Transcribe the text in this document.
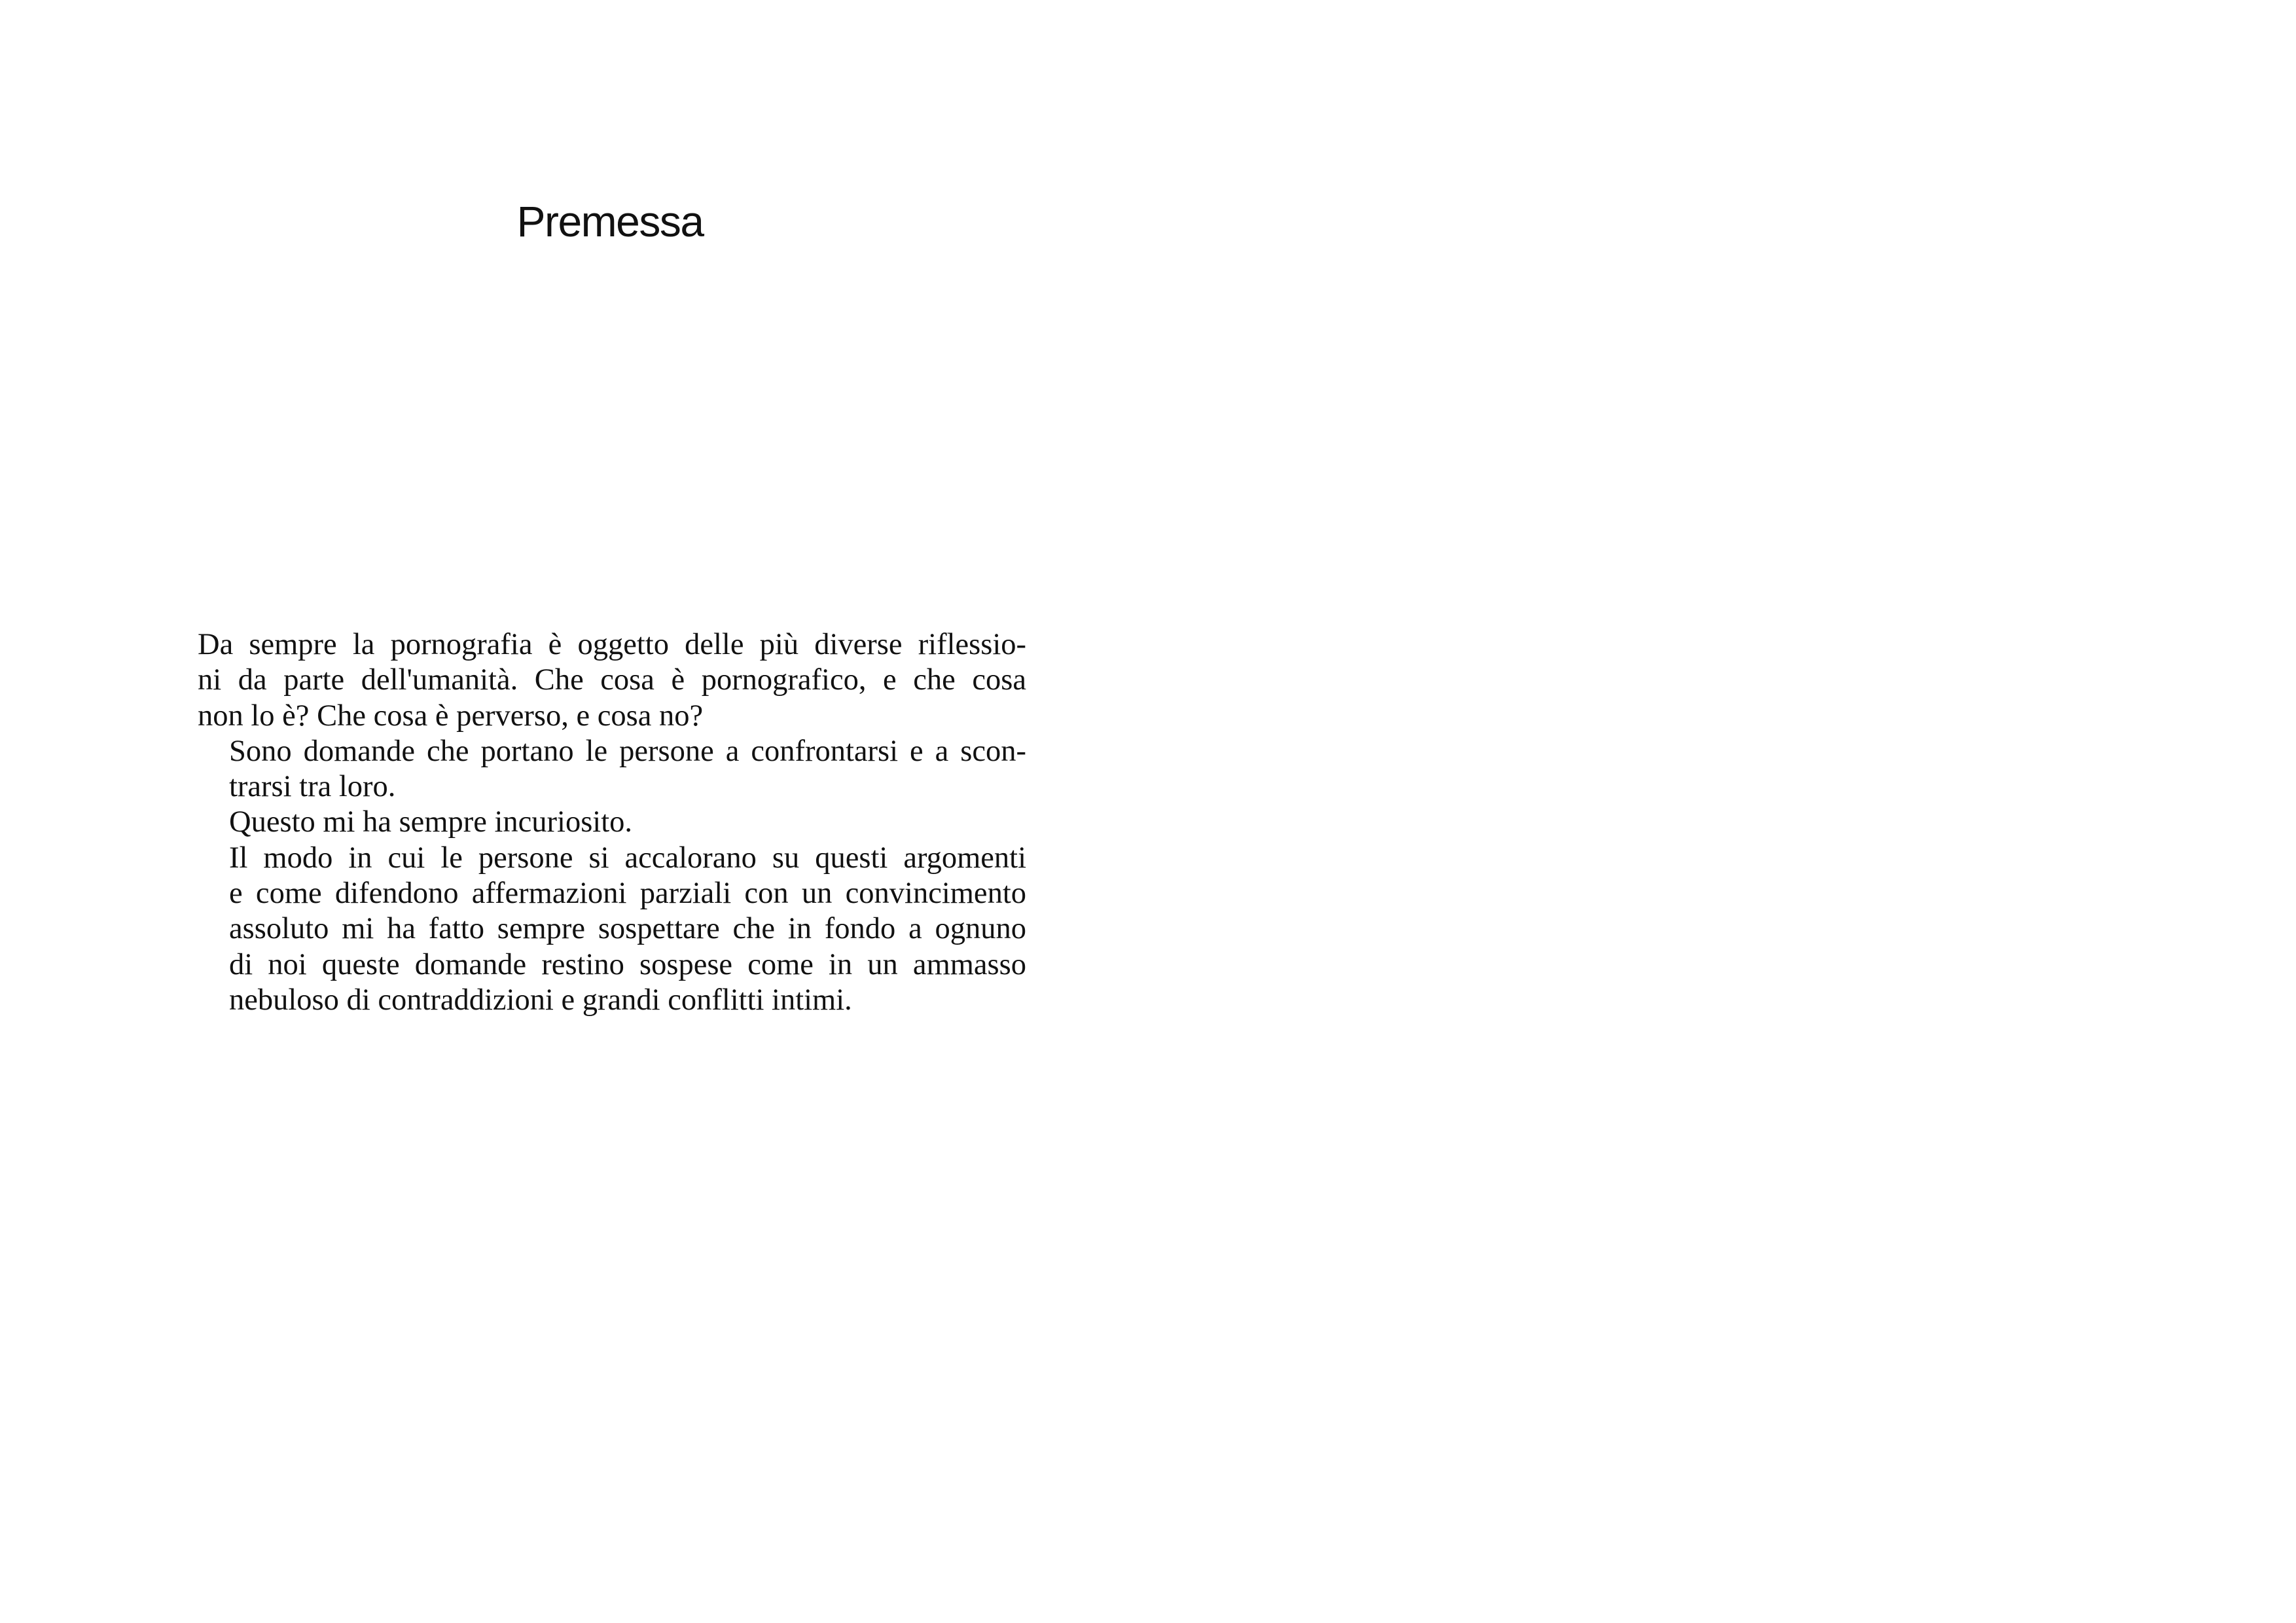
Premessa

Da sempre la pornografia è oggetto delle più diverse riflessio-
ni da parte dell'umanità. Che cosa è pornografico, e che cosa
non lo è? Che cosa è perverso, e cosa no?

Sono domande che portano le persone a confrontarsi e a scon-
trarsi tra loro.

Questo mi ha sempre incuriosito.

Il modo in cui le persone si accalorano su questi argomenti
e come difendono affermazioni parziali con un convincimento
assoluto mi ha fatto sempre sospettare che in fondo a ognuno
di noi queste domande restino sospese come in un ammasso
nebuloso di contraddizioni e grandi conflitti intimi.
